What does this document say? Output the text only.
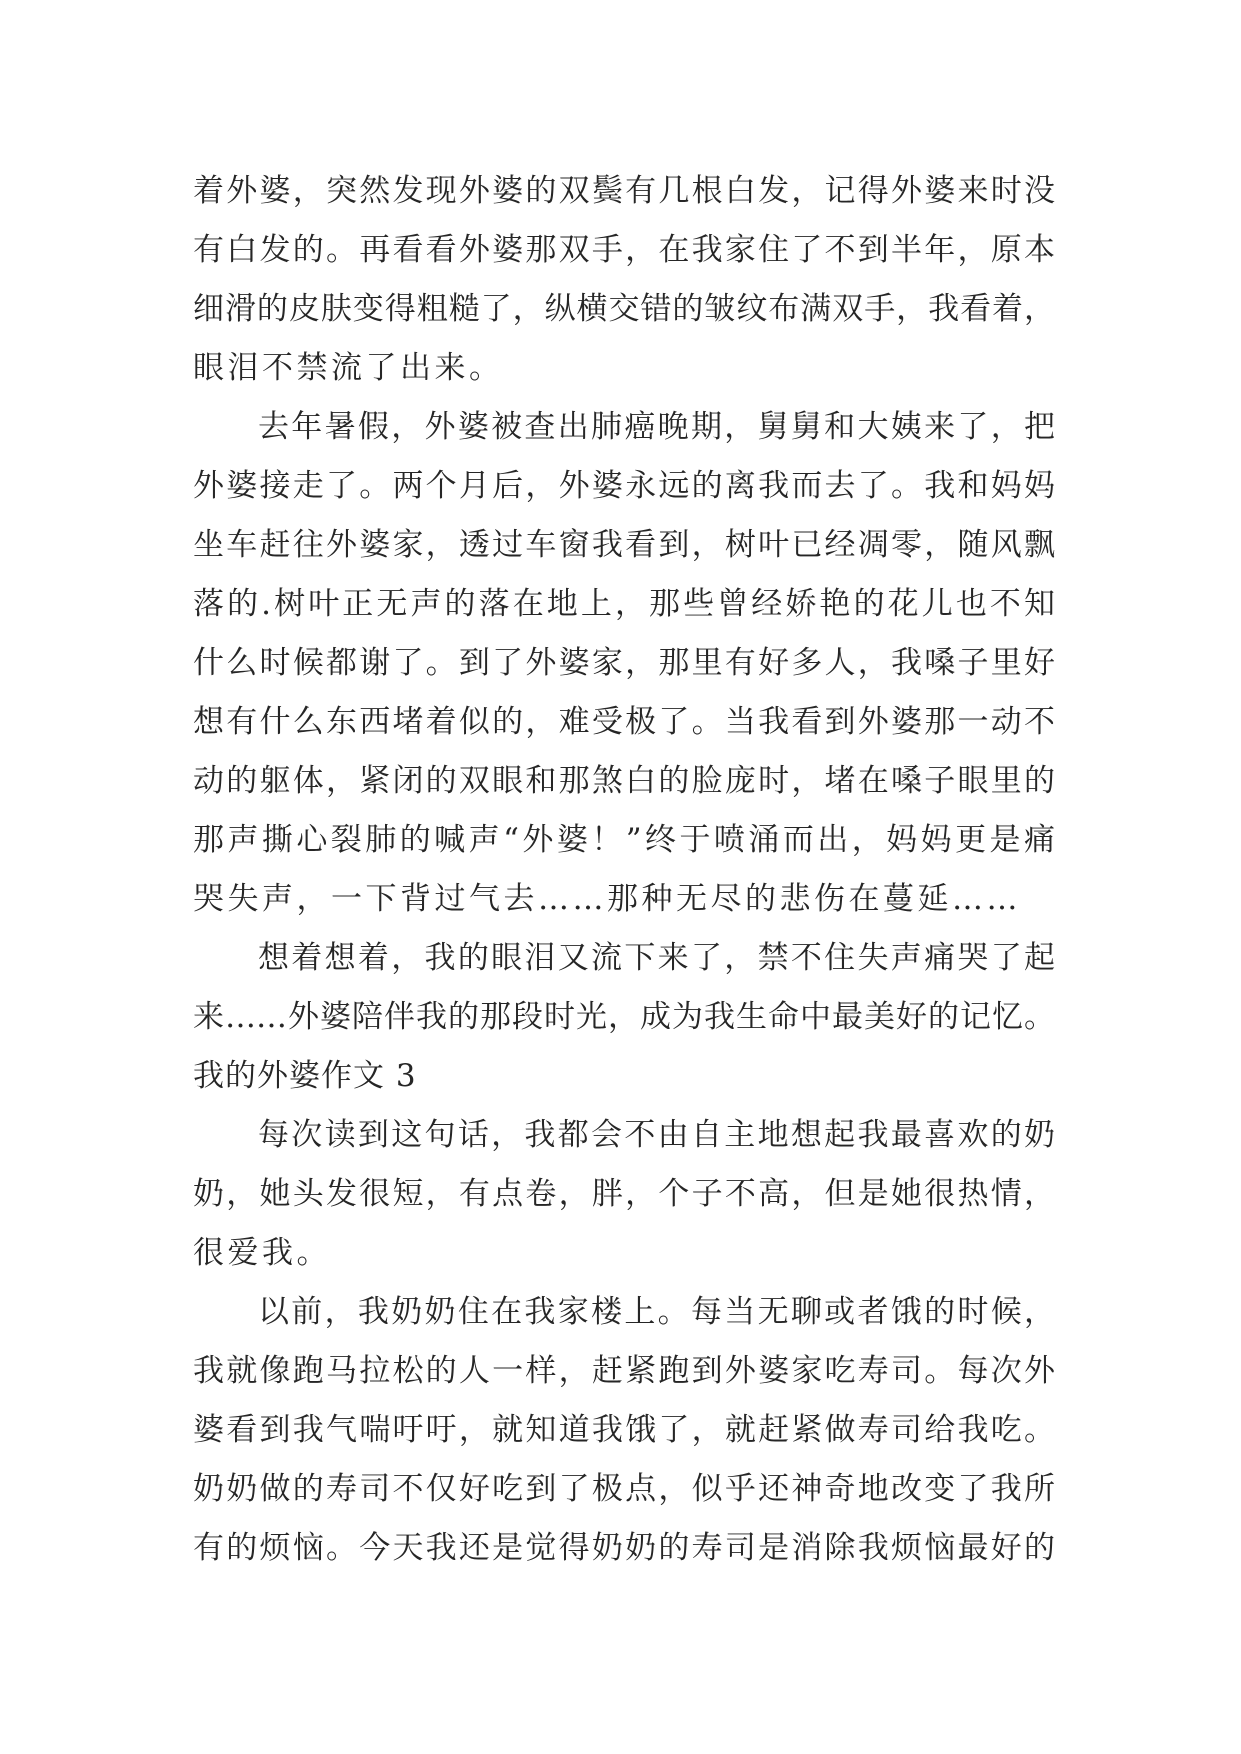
着外婆，突然发现外婆的双鬓有几根白发，记得外婆来时没
有白发的。再看看外婆那双手，在我家住了不到半年，原本
细滑的皮肤变得粗糙了，纵横交错的皱纹布满双手，我看着，
眼泪不禁流了出来。
去年暑假，外婆被查出肺癌晚期，舅舅和大姨来了，把
外婆接走了。两个月后，外婆永远的离我而去了。我和妈妈
坐车赶往外婆家，透过车窗我看到，树叶已经凋零，随风飘
落的.树叶正无声的落在地上，那些曾经娇艳的花儿也不知
什么时候都谢了。到了外婆家，那里有好多人，我嗓子里好
想有什么东西堵着似的，难受极了。当我看到外婆那一动不
动的躯体，紧闭的双眼和那煞白的脸庞时，堵在嗓子眼里的
那声撕心裂肺的喊声“外婆！”终于喷涌而出，妈妈更是痛
哭失声，一下背过气去……那种无尽的悲伤在蔓延……
想着想着，我的眼泪又流下来了，禁不住失声痛哭了起
来……外婆陪伴我的那段时光，成为我生命中最美好的记忆。
我的外婆作文 3
每次读到这句话，我都会不由自主地想起我最喜欢的奶
奶，她头发很短，有点卷，胖，个子不高，但是她很热情，
很爱我。
以前，我奶奶住在我家楼上。每当无聊或者饿的时候，
我就像跑马拉松的人一样，赶紧跑到外婆家吃寿司。每次外
婆看到我气喘吁吁，就知道我饿了，就赶紧做寿司给我吃。
奶奶做的寿司不仅好吃到了极点，似乎还神奇地改变了我所
有的烦恼。今天我还是觉得奶奶的寿司是消除我烦恼最好的
